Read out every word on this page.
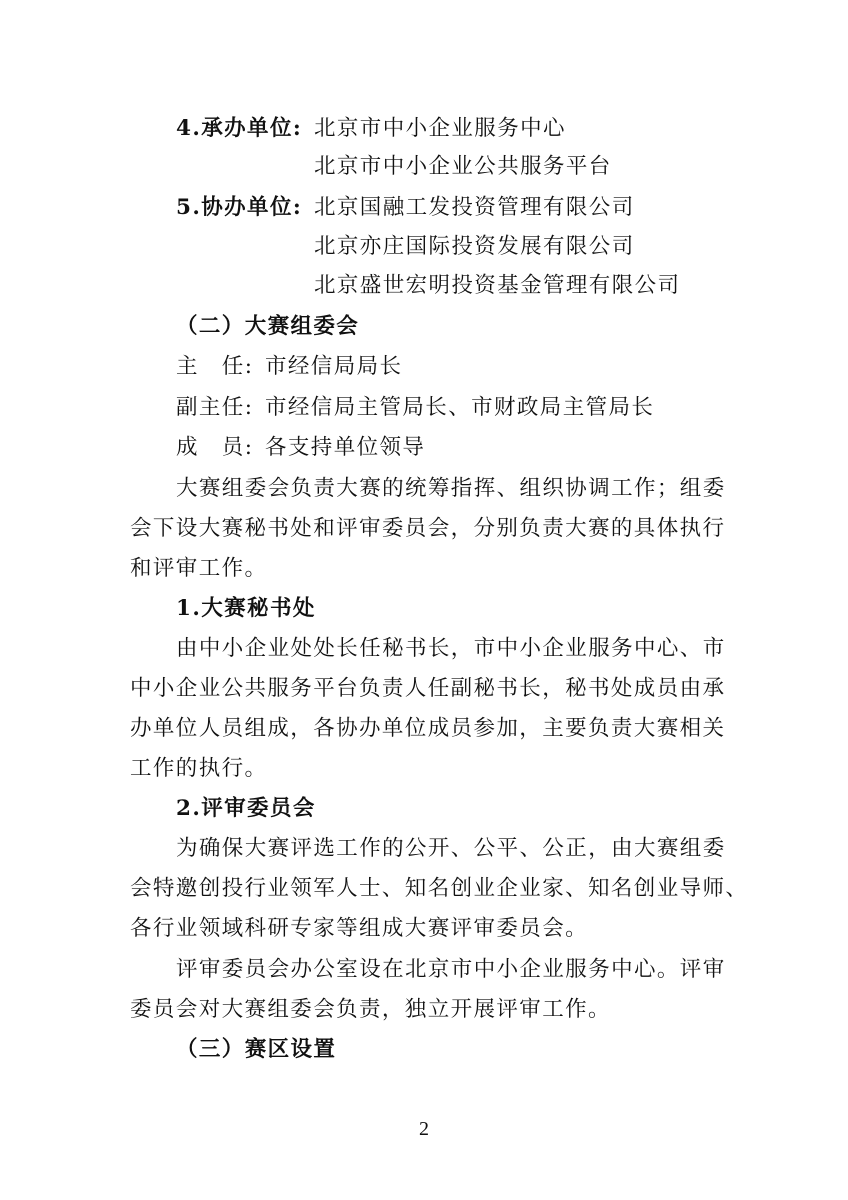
4.承办单位: 北京市中小企业服务中心
北京市中小企业公共服务平台
5.协办单位: 北京国融工发投资管理有限公司
北京亦庄国际投资发展有限公司
北京盛世宏明投资基金管理有限公司
（二）大赛组委会
主　任: 市经信局局长
副主任: 市经信局主管局长、市财政局主管局长
成　员: 各支持单位领导
大赛组委会负责大赛的统筹指挥、组织协调工作；组委
会下设大赛秘书处和评审委员会，分别负责大赛的具体执行
和评审工作。
1.大赛秘书处
由中小企业处处长任秘书长，市中小企业服务中心、市
中小企业公共服务平台负责人任副秘书长，秘书处成员由承
办单位人员组成，各协办单位成员参加，主要负责大赛相关
工作的执行。
2.评审委员会
为确保大赛评选工作的公开、公平、公正，由大赛组委
会特邀创投行业领军人士、知名创业企业家、知名创业导师、
各行业领域科研专家等组成大赛评审委员会。
评审委员会办公室设在北京市中小企业服务中心。评审
委员会对大赛组委会负责，独立开展评审工作。
（三）赛区设置
2
